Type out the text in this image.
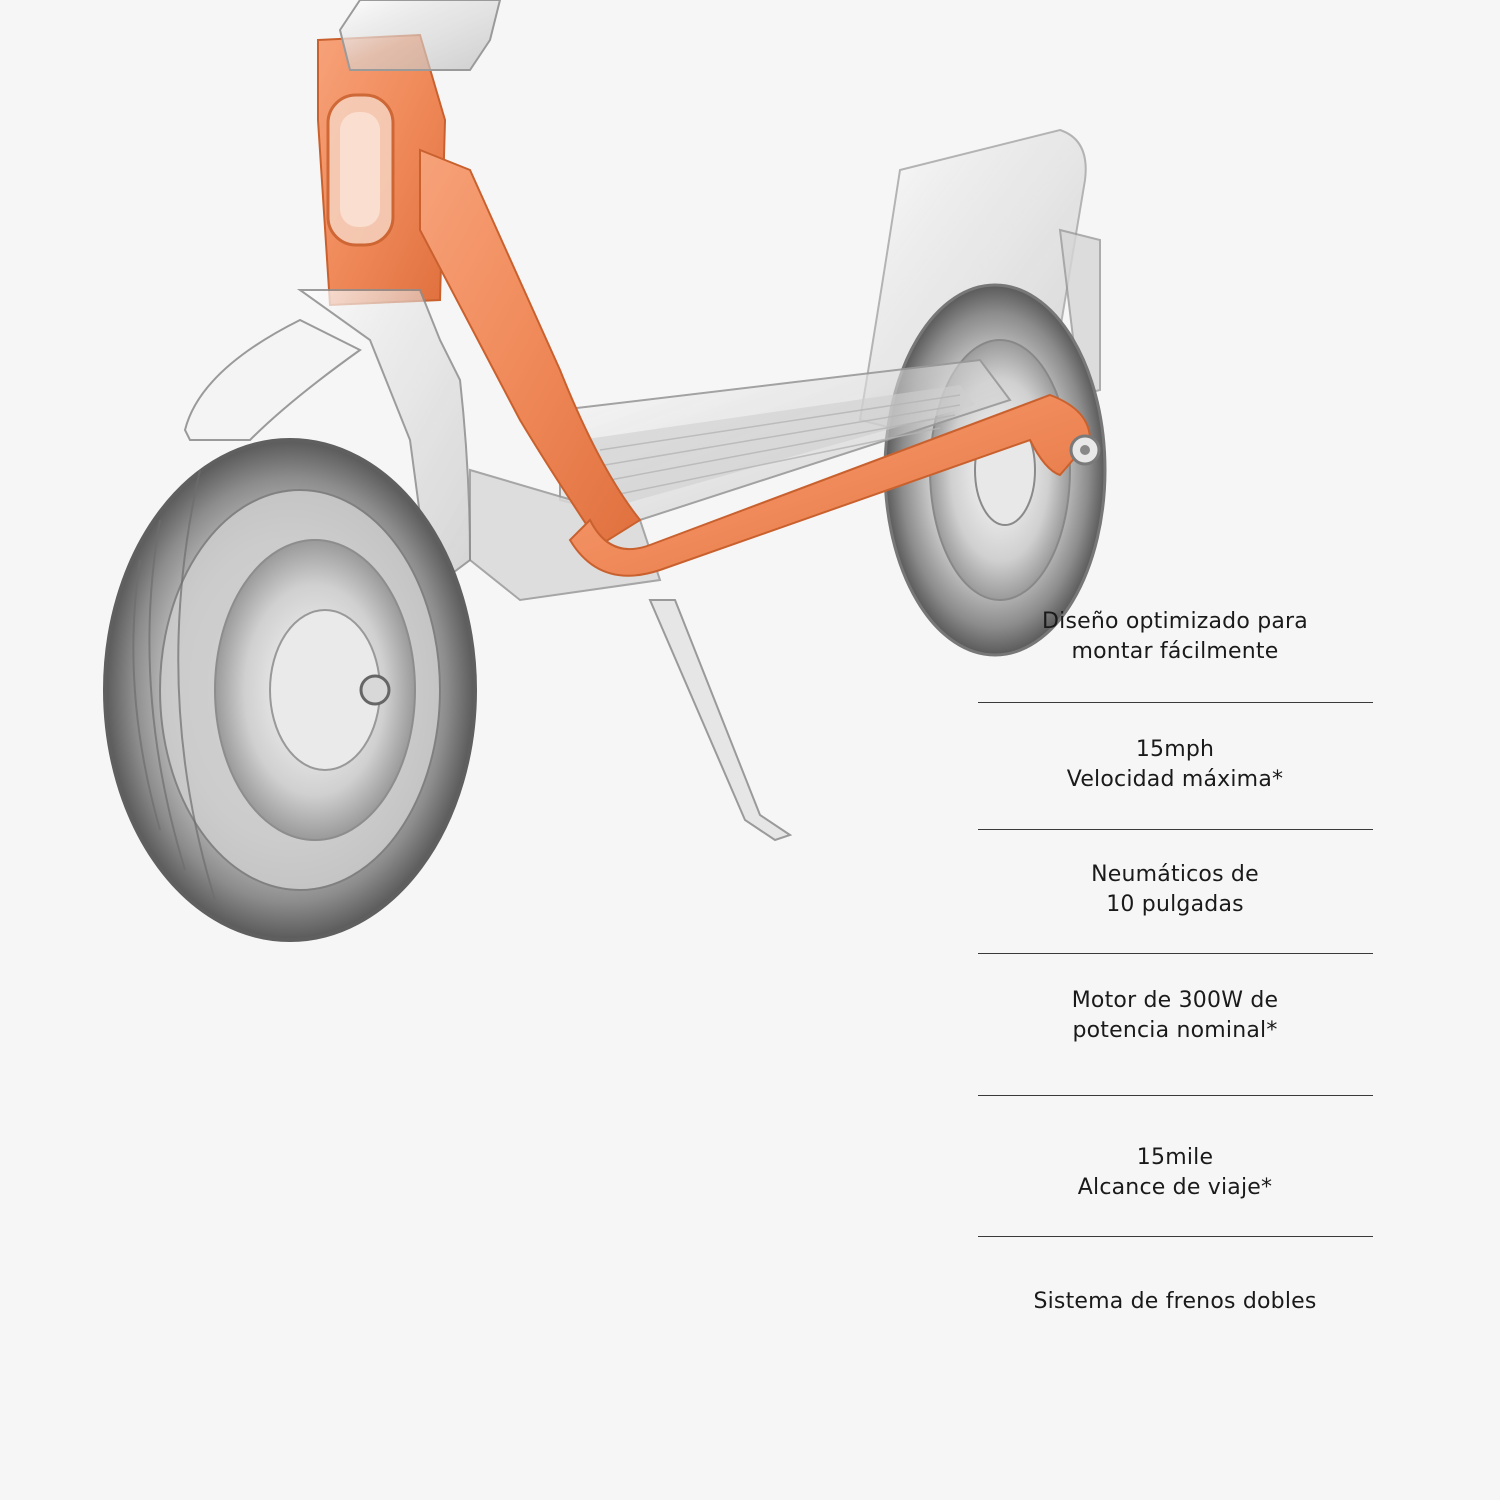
Diseño optimizado para
montar fácilmente
15mph
Velocidad máxima*
Neumáticos de
10 pulgadas
Motor de 300W de
potencia nominal*
15mile
Alcance de viaje*
Sistema de frenos dobles
